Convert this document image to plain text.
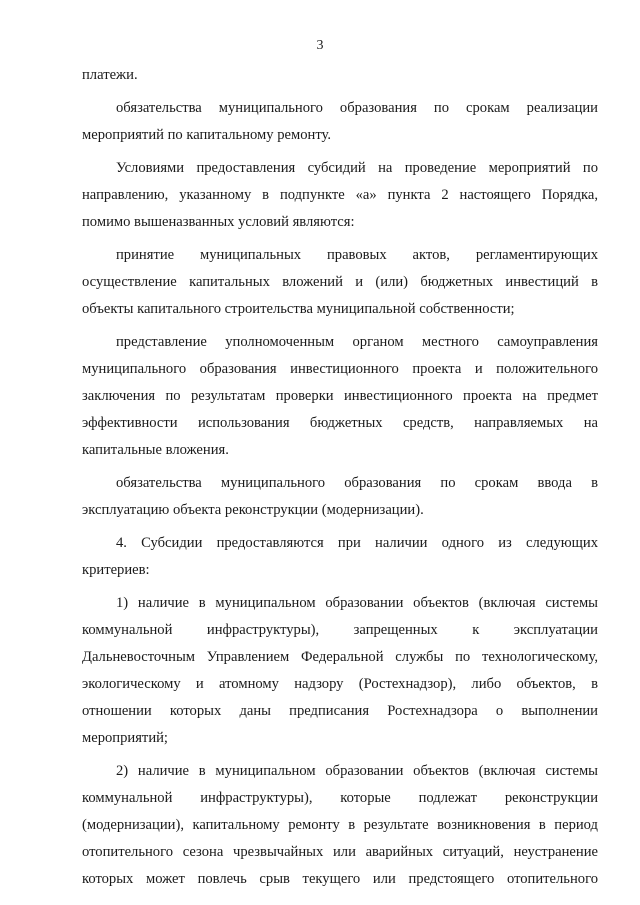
3
платежи.
обязательства муниципального образования по срокам реализации
мероприятий по капитальному ремонту.
Условиями предоставления субсидий на проведение мероприятий по
направлению, указанному в подпункте «а» пункта 2 настоящего Порядка,
помимо вышеназванных условий являются:
принятие муниципальных правовых актов, регламентирующих
осуществление капитальных вложений и (или) бюджетных инвестиций в
объекты капитального строительства муниципальной собственности;
представление уполномоченным органом местного самоуправления
муниципального образования инвестиционного проекта и положительного
заключения по результатам проверки инвестиционного проекта на предмет
эффективности использования бюджетных средств, направляемых на
капитальные вложения.
обязательства муниципального образования по срокам ввода в
эксплуатацию объекта реконструкции (модернизации).
4. Субсидии предоставляются при наличии одного из следующих
критериев:
1) наличие в муниципальном образовании объектов (включая системы
коммунальной инфраструктуры), запрещенных к эксплуатации
Дальневосточным Управлением Федеральной службы по технологическому,
экологическому и атомному надзору (Ростехнадзор), либо объектов, в
отношении которых даны предписания Ростехнадзора о выполнении
мероприятий;
2) наличие в муниципальном образовании объектов (включая системы
коммунальной инфраструктуры), которые подлежат реконструкции
(модернизации), капитальному ремонту в результате возникновения в период
отопительного сезона чрезвычайных или аварийных ситуаций, неустранение
которых может повлечь срыв текущего или предстоящего отопительного
